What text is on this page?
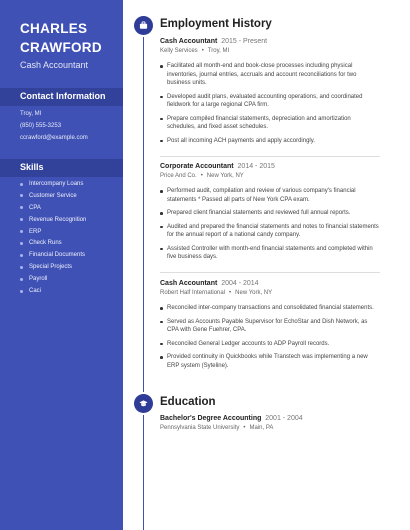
CHARLES
CRAWFORD
Cash Accountant
Contact Information
Troy, MI
(850) 555-3253
ccrawford@example.com
Skills
Intercompany Loans
Customer Service
CPA
Revenue Recognition
ERP
Check Runs
Financial Documents
Special Projects
Payroll
Caci
Employment History
Cash Accountant 2015 - Present
Kelly Services • Troy, MI
Facilitated all month-end and book-close processes including physical inventories, journal entries, accruals and account reconciliations for two business units.
Developed audit plans, evaluated accounting operations, and coordinated fieldwork for a large regional CPA firm.
Prepare compiled financial statements, depreciation and amortization schedules, and fixed asset schedules.
Post all incoming ACH payments and apply accordingly.
Corporate Accountant 2014 - 2015
Price And Co. • New York, NY
Performed audit, compilation and review of various company's financial statements * Passed all parts of New York CPA exam.
Prepared client financial statements and reviewed full annual reports.
Audited and prepared the financial statements and notes to financial statements for the annual report of a national candy company.
Assisted Controller with month-end financial statements and completed within five business days.
Cash Accountant 2004 - 2014
Robert Half International • New York, NY
Reconciled inter-company transactions and consolidated financial statements.
Served as Accounts Payable Supervisor for EchoStar and Dish Network, as CPA with Gene Fuehrer, CPA.
Reconciled General Ledger accounts to ADP Payroll records.
Provided continuity in Quickbooks while Transtech was implementing a new ERP system (Syteline).
Education
Bachelor's Degree Accounting 2001 - 2004
Pennsylvania State University • Main, PA
